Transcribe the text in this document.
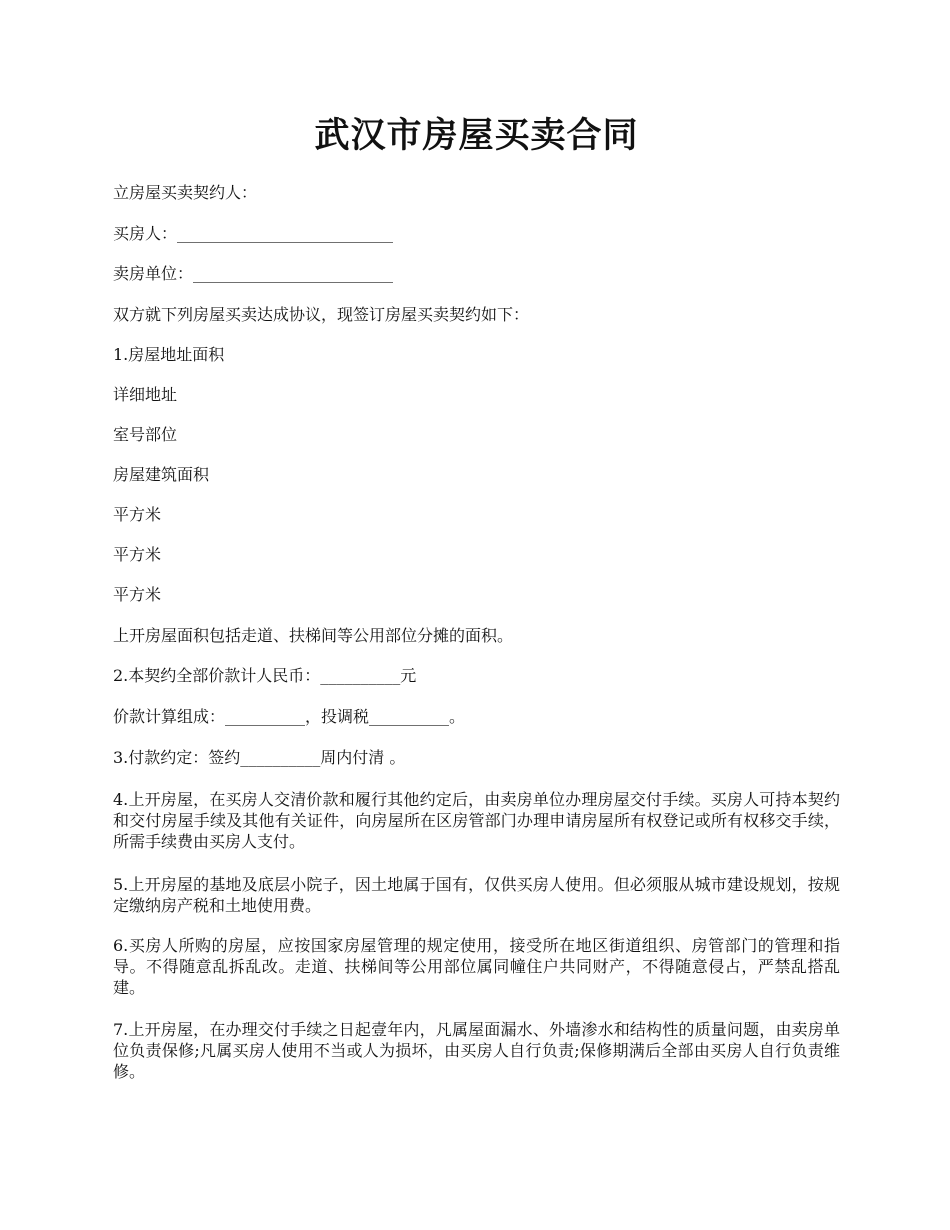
武汉市房屋买卖合同

立房屋买卖契约人：

买房人：___________________________

卖房单位：_________________________

双方就下列房屋买卖达成协议，现签订房屋买卖契约如下：

1.房屋地址面积

详细地址

室号部位

房屋建筑面积

平方米

平方米

平方米

上开房屋面积包括走道、扶梯间等公用部位分摊的面积。

2.本契约全部价款计人民币：__________元

价款计算组成：__________，投调税__________。

3.付款约定：签约__________周内付清 。

4.上开房屋，在买房人交清价款和履行其他约定后，由卖房单位办理房屋交付手续。买房人可持本契约和交付房屋手续及其他有关证件，向房屋所在区房管部门办理申请房屋所有权登记或所有权移交手续，所需手续费由买房人支付。

5.上开房屋的基地及底层小院子，因土地属于国有，仅供买房人使用。但必须服从城市建设规划，按规定缴纳房产税和土地使用费。

6.买房人所购的房屋，应按国家房屋管理的规定使用，接受所在地区街道组织、房管部门的管理和指导。不得随意乱拆乱改。走道、扶梯间等公用部位属同幢住户共同财产，不得随意侵占，严禁乱搭乱建。

7.上开房屋，在办理交付手续之日起壹年内，凡属屋面漏水、外墙渗水和结构性的质量问题，由卖房单位负责保修;凡属买房人使用不当或人为损坏，由买房人自行负责;保修期满后全部由买房人自行负责维修。
